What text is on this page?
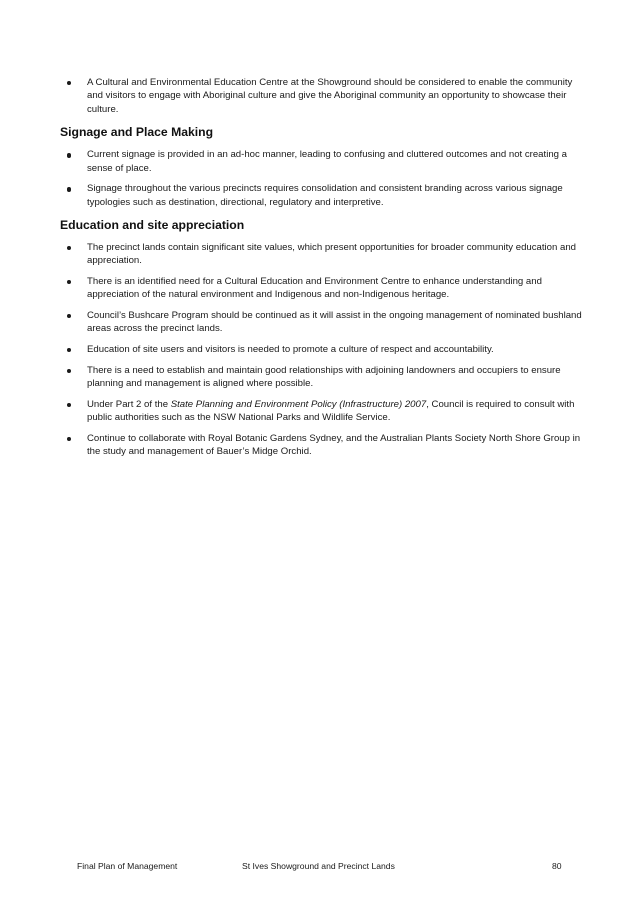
A Cultural and Environmental Education Centre at the Showground should be considered to enable the community and visitors to engage with Aboriginal culture and give the Aboriginal community an opportunity to showcase their culture.
Signage and Place Making
Current signage is provided in an ad-hoc manner, leading to confusing and cluttered outcomes and not creating a sense of place.
Signage throughout the various precincts requires consolidation and consistent branding across various signage typologies such as destination, directional, regulatory and interpretive.
Education and site appreciation
The precinct lands contain significant site values, which present opportunities for broader community education and appreciation.
There is an identified need for a Cultural Education and Environment Centre to enhance understanding and appreciation of the natural environment and Indigenous and non-Indigenous heritage.
Council’s Bushcare Program should be continued as it will assist in the ongoing management of nominated bushland areas across the precinct lands.
Education of site users and visitors is needed to promote a culture of respect and accountability.
There is a need to establish and maintain good relationships with adjoining landowners and occupiers to ensure planning and management is aligned where possible.
Under Part 2 of the State Planning and Environment Policy (Infrastructure) 2007, Council is required to consult with public authorities such as the NSW National Parks and Wildlife Service.
Continue to collaborate with Royal Botanic Gardens Sydney, and the Australian Plants Society North Shore Group in the study and management of Bauer’s Midge Orchid.
Final Plan of Management	St Ives Showground and Precinct Lands	80
